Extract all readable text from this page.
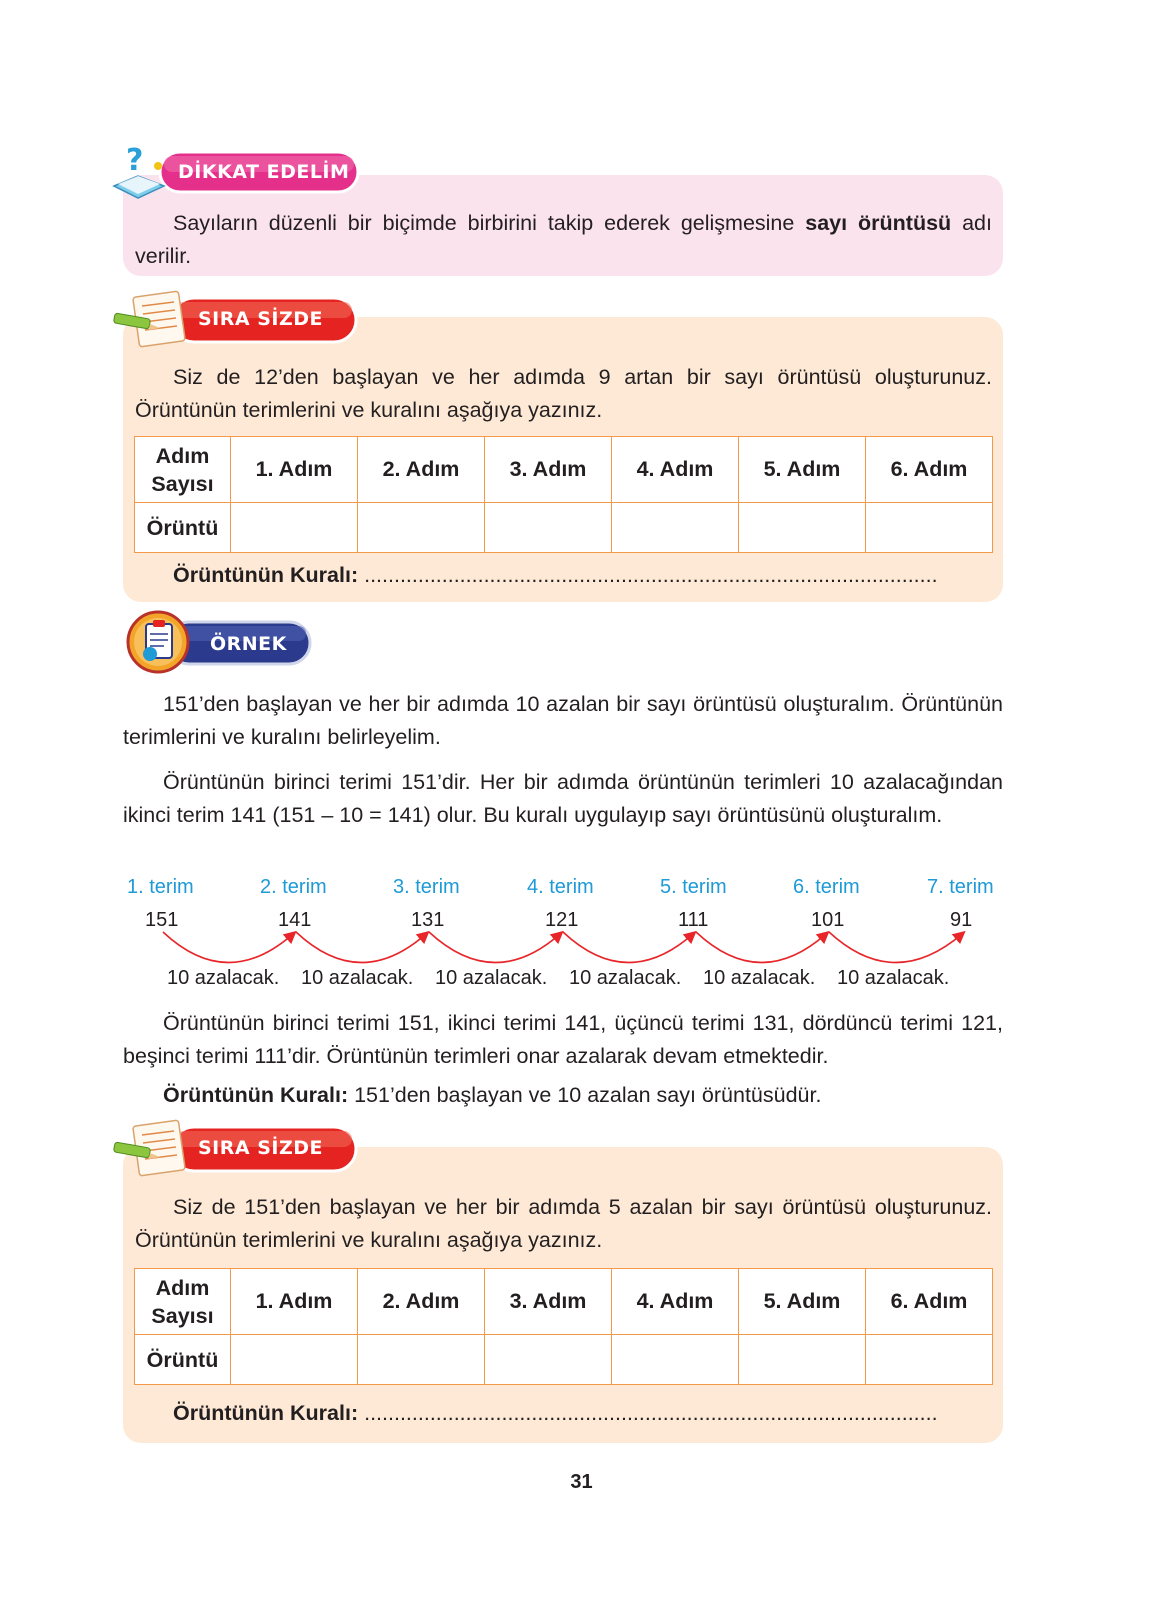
? DİKKAT EDELİM
Sayıların düzenli bir biçimde birbirini takip ederek gelişmesine sayı örüntüsü adı verilir.
SIRA SİZDE
Siz de 12’den başlayan ve her adımda 9 artan bir sayı örüntüsü oluşturunuz. Örüntünün terimlerini ve kuralını aşağıya yazınız.
Adım
Sayısı	1. Adım	2. Adım	3. Adım	4. Adım	5. Adım	6. Adım
Örüntü						
Örüntünün Kuralı: ................................................................................................
ÖRNEK
151’den başlayan ve her bir adımda 10 azalan bir sayı örüntüsü oluşturalım. Örüntünün terimlerini ve kuralını belirleyelim.
Örüntünün birinci terimi 151’dir. Her bir adımda örüntünün terimleri 10 azalacağından ikinci terim 141 (151 – 10 = 141) olur. Bu kuralı uygulayıp sayı örüntüsünü oluşturalım.
1. terim	2. terim	3. terim	4. terim	5. terim	6. terim	7. terim
151	141	131	121	111	101	91
10 azalacak. 10 azalacak. 10 azalacak. 10 azalacak. 10 azalacak. 10 azalacak.
Örüntünün birinci terimi 151, ikinci terimi 141, üçüncü terimi 131, dördüncü terimi 121, beşinci terimi 111’dir. Örüntünün terimleri onar azalarak devam etmektedir.
Örüntünün Kuralı: 151’den başlayan ve 10 azalan sayı örüntüsüdür.
SIRA SİZDE
Siz de 151’den başlayan ve her bir adımda 5 azalan bir sayı örüntüsü oluşturunuz. Örüntünün terimlerini ve kuralını aşağıya yazınız.
Adım
Sayısı	1. Adım	2. Adım	3. Adım	4. Adım	5. Adım	6. Adım
Örüntü						
Örüntünün Kuralı: ................................................................................................
31
